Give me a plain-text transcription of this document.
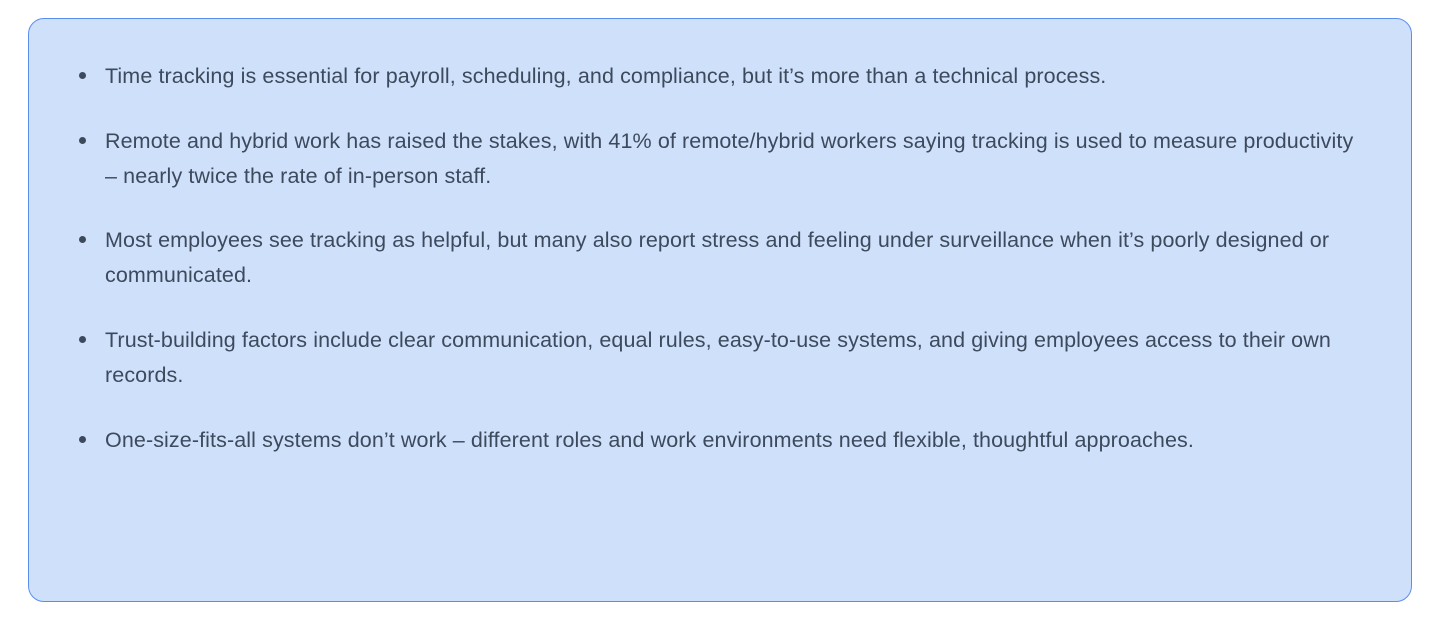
Time tracking is essential for payroll, scheduling, and compliance, but it’s more than a technical process.
Remote and hybrid work has raised the stakes, with 41% of remote/hybrid workers saying tracking is used to measure productivity – nearly twice the rate of in-person staff.
Most employees see tracking as helpful, but many also report stress and feeling under surveillance when it’s poorly designed or communicated.
Trust-building factors include clear communication, equal rules, easy-to-use systems, and giving employees access to their own records.
One-size-fits-all systems don’t work – different roles and work environments need flexible, thoughtful approaches.
